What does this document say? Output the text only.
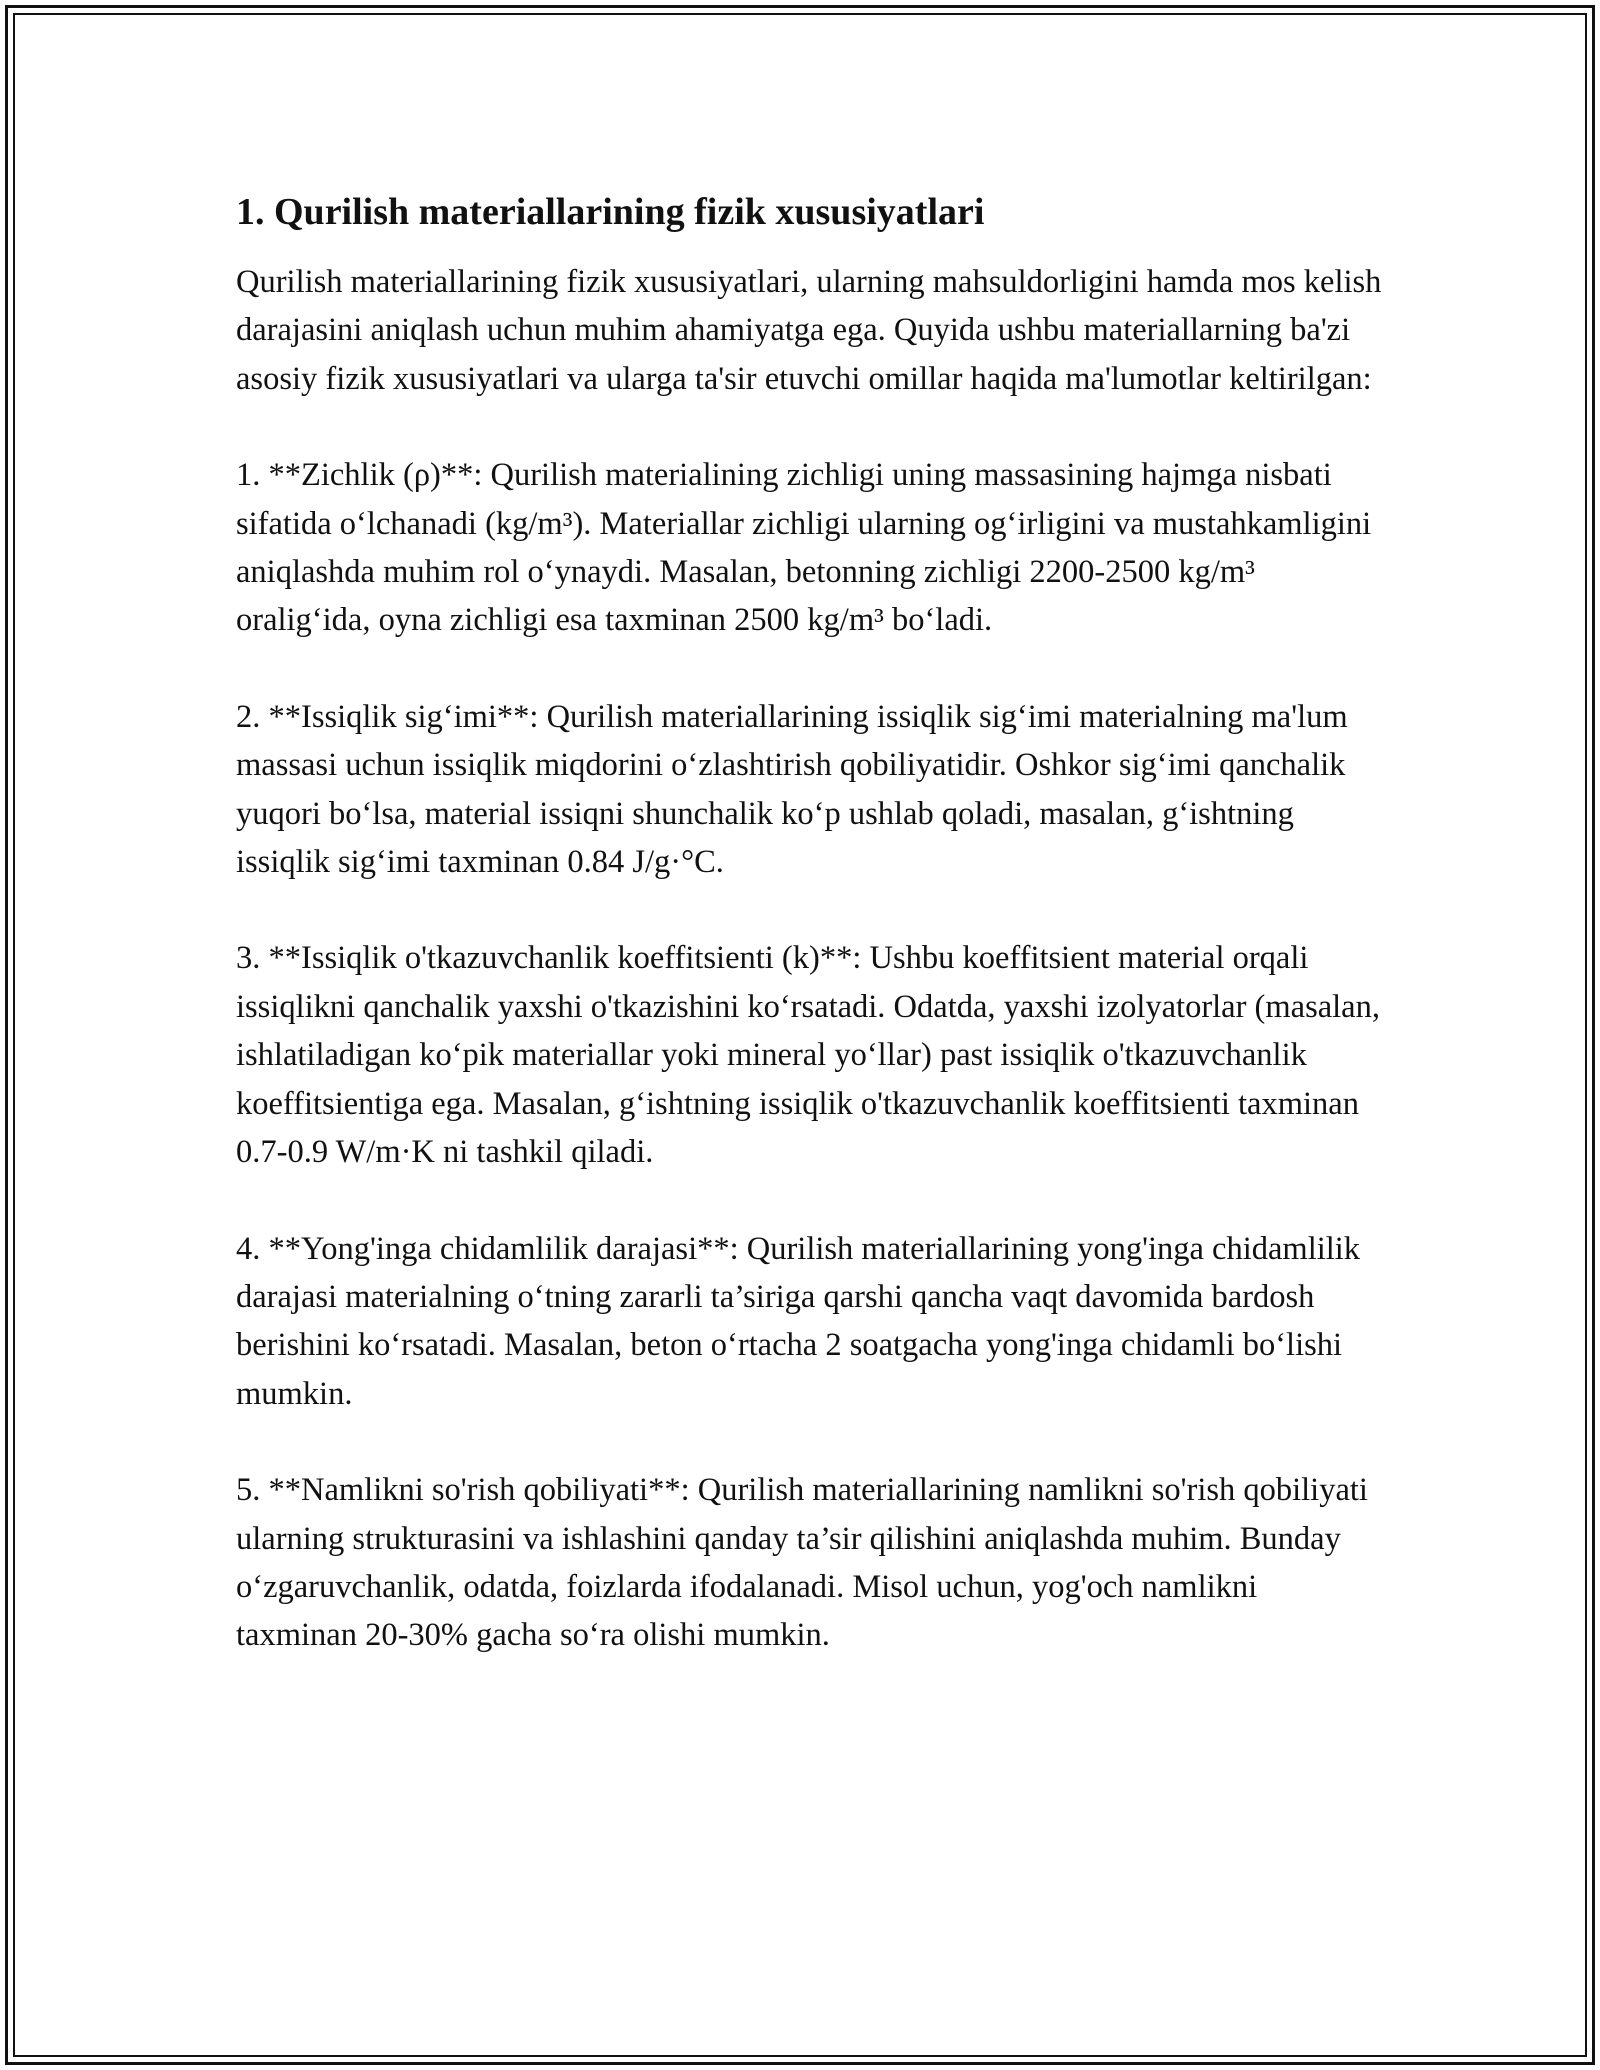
1. Qurilish materiallarining fizik xususiyatlari

Qurilish materiallarining fizik xususiyatlari, ularning mahsuldorligini hamda mos kelish darajasini aniqlash uchun muhim ahamiyatga ega. Quyida ushbu materiallarning ba'zi asosiy fizik xususiyatlari va ularga ta'sir etuvchi omillar haqida ma'lumotlar keltirilgan:

1. **Zichlik (ρ)**: Qurilish materialining zichligi uning massasining hajmga nisbati sifatida o‘lchanadi (kg/m³). Materiallar zichligi ularning og‘irligini va mustahkamligini aniqlashda muhim rol o‘ynaydi. Masalan, betonning zichligi 2200-2500 kg/m³ oralig‘ida, oyna zichligi esa taxminan 2500 kg/m³ bo‘ladi.

2. **Issiqlik sig‘imi**: Qurilish materiallarining issiqlik sig‘imi materialning ma'lum massasi uchun issiqlik miqdorini o‘zlashtirish qobiliyatidir. Oshkor sig‘imi qanchalik yuqori bo‘lsa, material issiqni shunchalik ko‘p ushlab qoladi, masalan, g‘ishtning issiqlik sig‘imi taxminan 0.84 J/g·°C.

3. **Issiqlik o'tkazuvchanlik koeffitsienti (k)**: Ushbu koeffitsient material orqali issiqlikni qanchalik yaxshi o'tkazishini ko‘rsatadi. Odatda, yaxshi izolyatorlar (masalan, ishlatiladigan ko‘pik materiallar yoki mineral yo‘llar) past issiqlik o'tkazuvchanlik koeffitsientiga ega. Masalan, g‘ishtning issiqlik o'tkazuvchanlik koeffitsienti taxminan 0.7-0.9 W/m·K ni tashkil qiladi.

4. **Yong'inga chidamlilik darajasi**: Qurilish materiallarining yong'inga chidamlilik darajasi materialning o‘tning zararli ta’siriga qarshi qancha vaqt davomida bardosh berishini ko‘rsatadi. Masalan, beton o‘rtacha 2 soatgacha yong'inga chidamli bo‘lishi mumkin.

5. **Namlikni so'rish qobiliyati**: Qurilish materiallarining namlikni so'rish qobiliyati ularning strukturasini va ishlashini qanday ta’sir qilishini aniqlashda muhim. Bunday o‘zgaruvchanlik, odatda, foizlarda ifodalanadi. Misol uchun, yog'och namlikni taxminan 20-30% gacha so‘ra olishi mumkin.
